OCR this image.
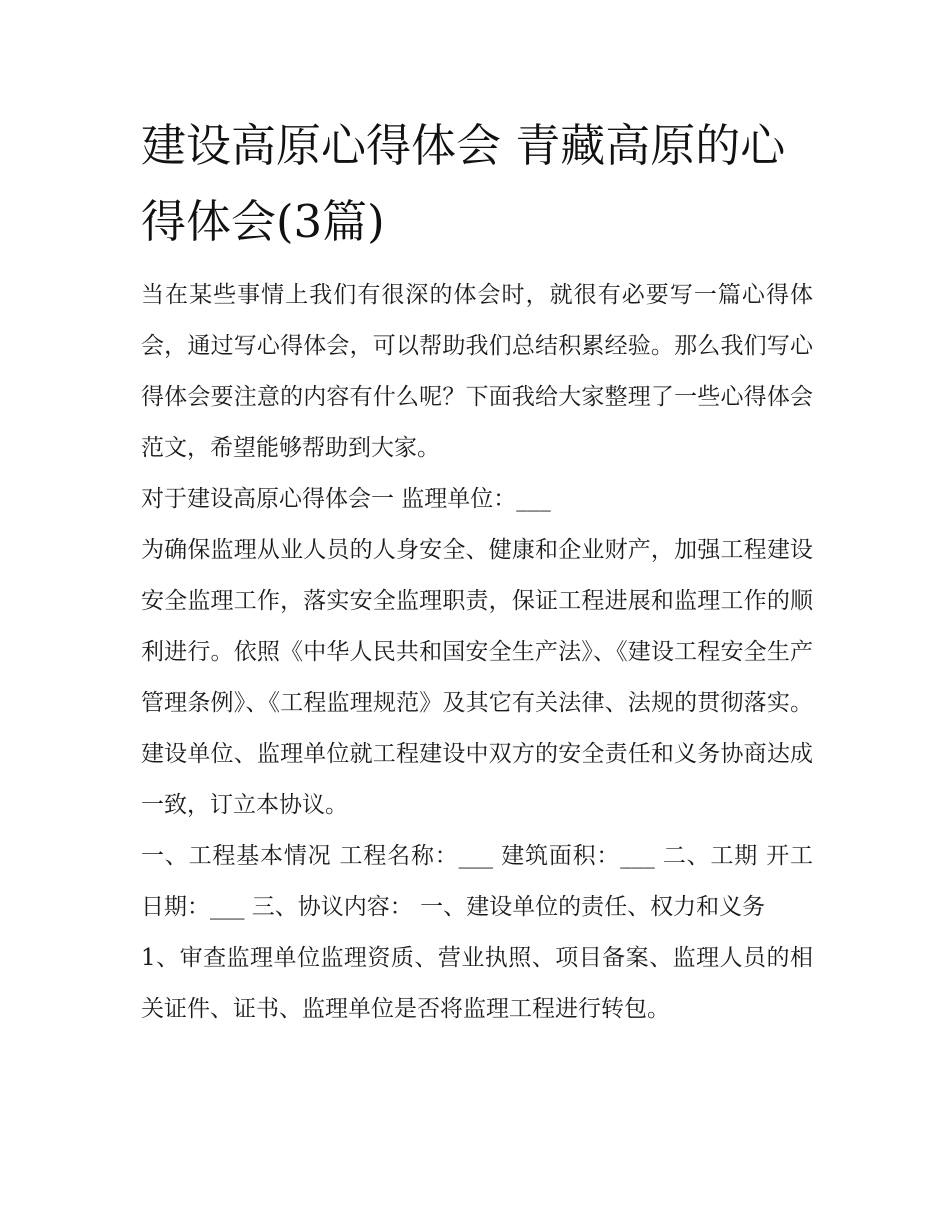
建设高原心得体会 青藏高原的心得体会(3篇)

当在某些事情上我们有很深的体会时，就很有必要写一篇心得体会，通过写心得体会，可以帮助我们总结积累经验。那么我们写心得体会要注意的内容有什么呢？下面我给大家整理了一些心得体会范文，希望能够帮助到大家。

对于建设高原心得体会一 监理单位：___

为确保监理从业人员的人身安全、健康和企业财产，加强工程建设安全监理工作，落实安全监理职责，保证工程进展和监理工作的顺利进行。依照《中华人民共和国安全生产法》、《建设工程安全生产管理条例》、《工程监理规范》及其它有关法律、法规的贯彻落实。建设单位、监理单位就工程建设中双方的安全责任和义务协商达成一致，订立本协议。

一、工程基本情况 工程名称：___ 建筑面积：___ 二、工期 开工日期：___ 三、协议内容： 一、建设单位的责任、权力和义务

1、审查监理单位监理资质、营业执照、项目备案、监理人员的相关证件、证书、监理单位是否将监理工程进行转包。
